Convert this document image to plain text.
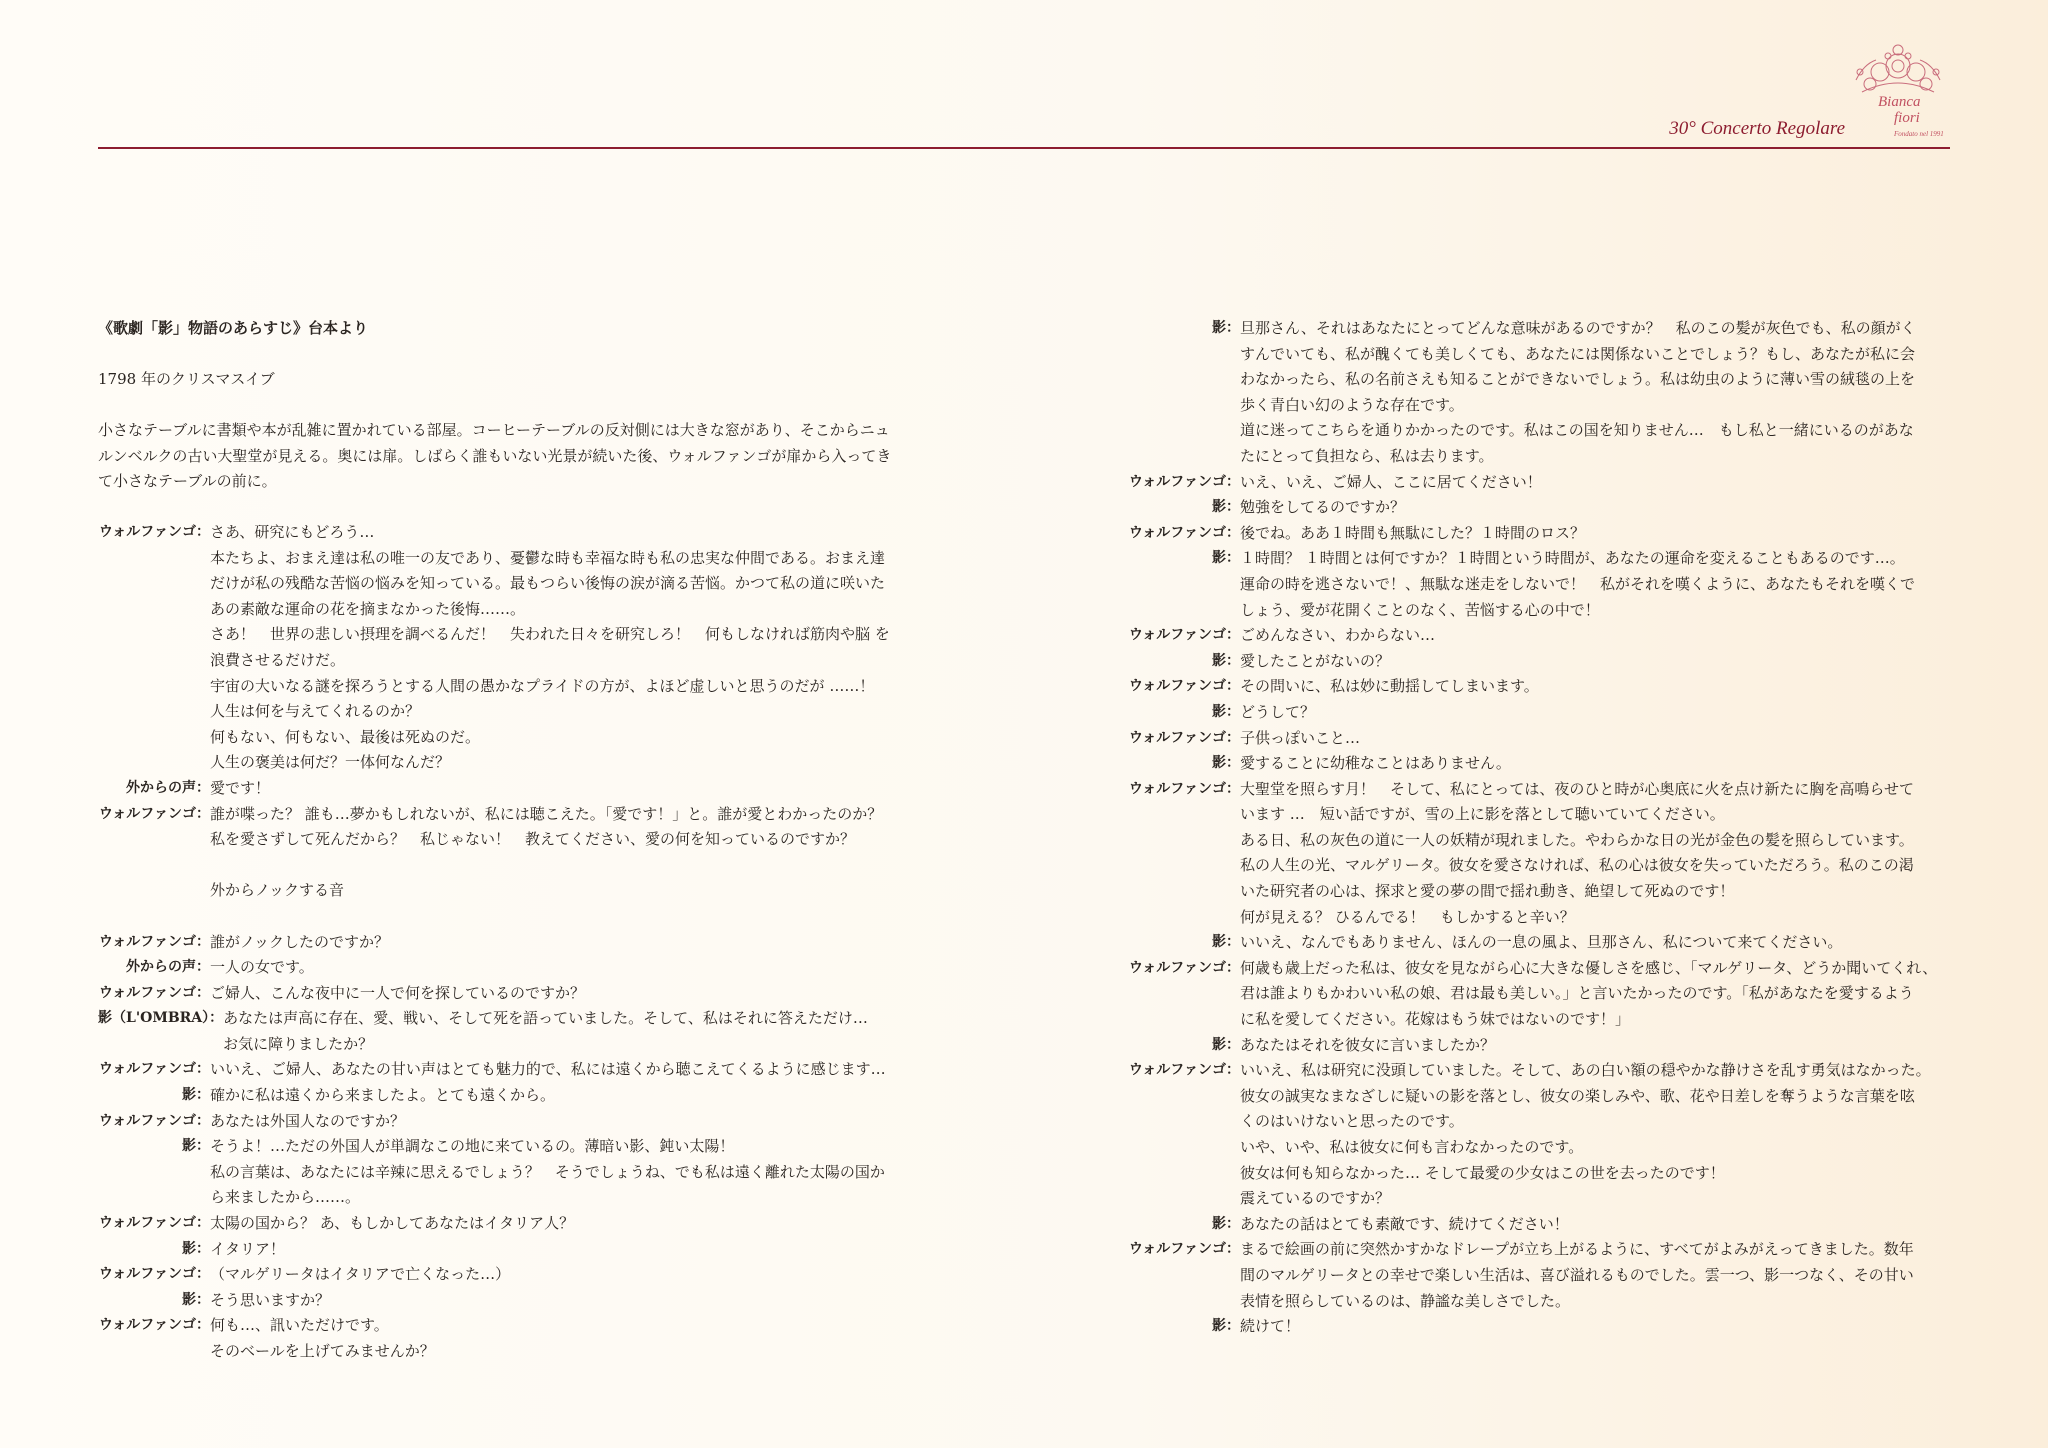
30° Concerto Regolare
Bianca
fiori
Fondato nel 1991
《歌劇「影」物語のあらすじ》台本より
1798 年のクリスマスイブ
小さなテーブルに書類や本が乱雑に置かれている部屋。コーヒーテーブルの反対側には大きな窓があり、そこからニュ
ルンベルクの古い大聖堂が見える。奥には扉。しばらく誰もいない光景が続いた後、ウォルファンゴが扉から入ってき
て小さなテーブルの前に。
ウォルファンゴ： さあ、研究にもどろう…
本たちよ、おまえ達は私の唯一の友であり、憂鬱な時も幸福な時も私の忠実な仲間である。おまえ達
だけが私の残酷な苦悩の悩みを知っている。最もつらい後悔の涙が滴る苦悩。かつて私の道に咲いた
あの素敵な運命の花を摘まなかった後悔……。
さあ！　世界の悲しい摂理を調べるんだ！　失われた日々を研究しろ！　何もしなければ筋肉や脳 を
浪費させるだけだ。
宇宙の大いなる謎を探ろうとする人間の愚かなプライドの方が、よほど虚しいと思うのだが ……！
人生は何を与えてくれるのか？
何もない、何もない、最後は死ぬのだ。
人生の褒美は何だ？一体何なんだ？
外からの声： 愛です！
ウォルファンゴ： 誰が喋った？ 誰も…夢かもしれないが、私には聴こえた。「愛です！」と。誰が愛とわかったのか？
私を愛さずして死んだから？　私じゃない！　教えてください、愛の何を知っているのですか？
外からノックする音
ウォルファンゴ： 誰がノックしたのですか？
外からの声： 一人の女です。
ウォルファンゴ： ご婦人、こんな夜中に一人で何を探しているのですか？
影（L'OMBRA）： あなたは声高に存在、愛、戦い、そして死を語っていました。そして、私はそれに答えただけ…
お気に障りましたか？
ウォルファンゴ： いいえ、ご婦人、あなたの甘い声はとても魅力的で、私には遠くから聴こえてくるように感じます…
影： 確かに私は遠くから来ましたよ。とても遠くから。
ウォルファンゴ： あなたは外国人なのですか？
影： そうよ！…ただの外国人が単調なこの地に来ているの。薄暗い影、鈍い太陽！
私の言葉は、あなたには辛辣に思えるでしょう？　そうでしょうね、でも私は遠く離れた太陽の国か
ら来ましたから……。
ウォルファンゴ： 太陽の国から？ あ、もしかしてあなたはイタリア人？
影： イタリア！
ウォルファンゴ： （マルゲリータはイタリアで亡くなった…）
影： そう思いますか？
ウォルファンゴ： 何も…、訊いただけです。
そのベールを上げてみませんか？
影： 旦那さん、それはあなたにとってどんな意味があるのですか？　私のこの髪が灰色でも、私の顔がく
すんでいても、私が醜くても美しくても、あなたには関係ないことでしょう？もし、あなたが私に会
わなかったら、私の名前さえも知ることができないでしょう。私は幼虫のように薄い雪の絨毯の上を
歩く青白い幻のような存在です。
道に迷ってこちらを通りかかったのです。私はこの国を知りません…　もし私と一緒にいるのがあな
たにとって負担なら、私は去ります。
ウォルファンゴ： いえ、いえ、ご婦人、ここに居てください！
影： 勉強をしてるのですか？
ウォルファンゴ： 後でね。ああ１時間も無駄にした？１時間のロス？
影： １時間？ １時間とは何ですか？１時間という時間が、あなたの運命を変えることもあるのです…。
運命の時を逃さないで！、無駄な迷走をしないで！　私がそれを嘆くように、あなたもそれを嘆くで
しょう、愛が花開くことのなく、苦悩する心の中で！
ウォルファンゴ： ごめんなさい、わからない…
影： 愛したことがないの？
ウォルファンゴ： その問いに、私は妙に動揺してしまいます。
影： どうして？
ウォルファンゴ： 子供っぽいこと…
影： 愛することに幼稚なことはありません。
ウォルファンゴ： 大聖堂を照らす月！　そして、私にとっては、夜のひと時が心奥底に火を点け新たに胸を高鳴らせて
います …　短い話ですが、雪の上に影を落として聴いていてください。
ある日、私の灰色の道に一人の妖精が現れました。やわらかな日の光が金色の髪を照らしています。
私の人生の光、マルゲリータ。彼女を愛さなければ、私の心は彼女を失っていただろう。私のこの渇
いた研究者の心は、探求と愛の夢の間で揺れ動き、絶望して死ぬのです！
何が見える？ ひるんでる！　もしかすると辛い？
影： いいえ、なんでもありません、ほんの一息の風よ、旦那さん、私について来てください。
ウォルファンゴ： 何歳も歳上だった私は、彼女を見ながら心に大きな優しさを感じ、「マルゲリータ、どうか聞いてくれ、
君は誰よりもかわいい私の娘、君は最も美しい。」と言いたかったのです。「私があなたを愛するよう
に私を愛してください。花嫁はもう妹ではないのです！」
影： あなたはそれを彼女に言いましたか？
ウォルファンゴ： いいえ、私は研究に没頭していました。そして、あの白い額の穏やかな静けさを乱す勇気はなかった。
彼女の誠実なまなざしに疑いの影を落とし、彼女の楽しみや、歌、花や日差しを奪うような言葉を呟
くのはいけないと思ったのです。
いや、いや、私は彼女に何も言わなかったのです。
彼女は何も知らなかった… そして最愛の少女はこの世を去ったのです！
震えているのですか？
影： あなたの話はとても素敵です、続けてください！
ウォルファンゴ： まるで絵画の前に突然かすかなドレープが立ち上がるように、すべてがよみがえってきました。数年
間のマルゲリータとの幸せで楽しい生活は、喜び溢れるものでした。雲一つ、影一つなく、その甘い
表情を照らしているのは、静謐な美しさでした。
影： 続けて！
